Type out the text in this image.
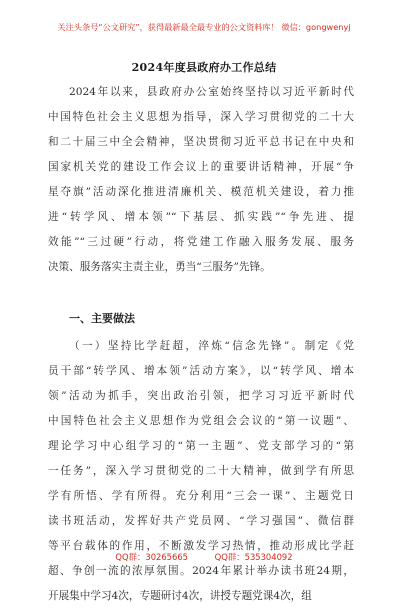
关注头条号“公文研究”，获得最新最全最专业的公文资料库！ 微信：gongwenyj
2024年度县政府办工作总结
2024年以来，县政府办公室始终坚持以习近平新时代
中国特色社会主义思想为指导，深入学习贯彻党的二十大
和二十届三中全会精神，坚决贯彻习近平总书记在中央和
国家机关党的建设工作会议上的重要讲话精神，开展“争
星夺旗”活动深化推进清廉机关、模范机关建设，着力推
进“转学风、增本领”“下基层、抓实践”“争先进、提
效能”“三过硬”行动，将党建工作融入服务发展、服务
决策、服务落实主责主业，勇当“三服务”先锋。
一、主要做法
（一）坚持比学赶超，淬炼“信念先锋”。制定《党
员干部“转学风、增本领”活动方案》，以“转学风、增本
领”活动为抓手，突出政治引领，把学习习近平新时代
中国特色社会主义思想作为党组会会议的“第一议题”、
理论学习中心组学习的“第一主题”、党支部学习的“第
一任务”，深入学习贯彻党的二十大精神，做到学有所思
学有所悟、学有所得。充分利用“三会一课”、主题党日
读书班活动，发挥好共产党员网、“学习强国”、微信群
等平台载体的作用，不断激发学习热情，推动形成比学赶
超、争创一流的浓厚氛围。2024年累计举办读书班24期，
开展集中学习4次，专题研讨4次，讲授专题党课4次，组
QQ群：30265665	QQ群：535304092
